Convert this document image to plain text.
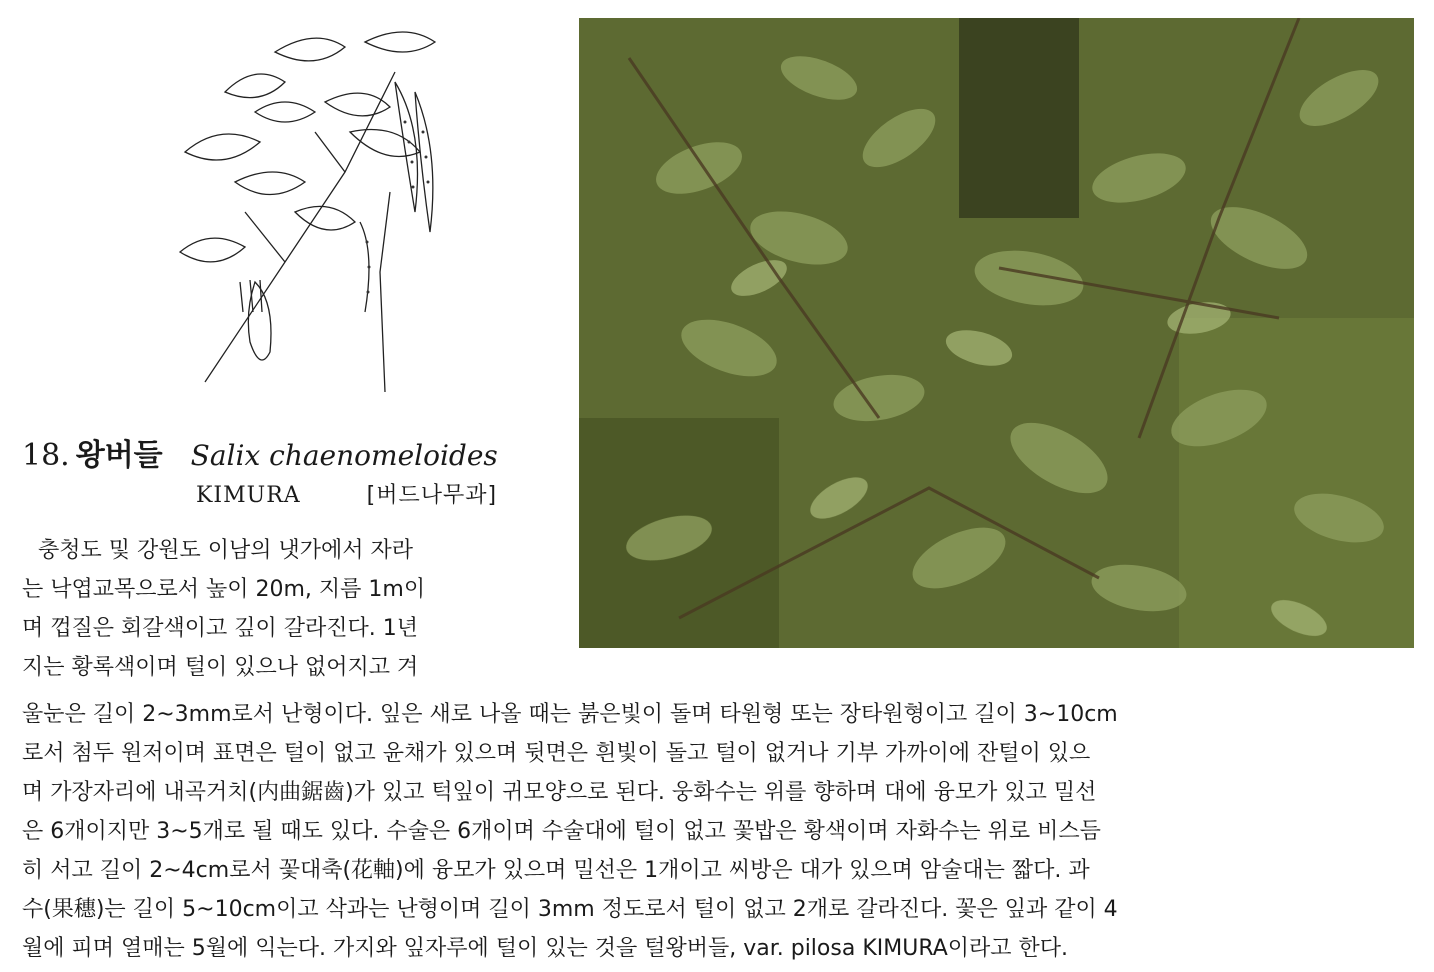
18. 왕버들 Salix chaenomeloides
KIMURA	[버드나무과]
충청도 및 강원도 이남의 냇가에서 자라
는 낙엽교목으로서 높이 20m, 지름 1m이
며 껍질은 회갈색이고 깊이 갈라진다. 1년
지는 황록색이며 털이 있으나 없어지고 겨
울눈은 길이 2~3mm로서 난형이다. 잎은 새로 나올 때는 붉은빛이 돌며 타원형 또는 장타원형이고 길이 3~10cm
로서 첨두 원저이며 표면은 털이 없고 윤채가 있으며 뒷면은 흰빛이 돌고 털이 없거나 기부 가까이에 잔털이 있으
며 가장자리에 내곡거치(内曲鋸齒)가 있고 턱잎이 귀모양으로 된다. 웅화수는 위를 향하며 대에 융모가 있고 밀선
은 6개이지만 3~5개로 될 때도 있다. 수술은 6개이며 수술대에 털이 없고 꽃밥은 황색이며 자화수는 위로 비스듬
히 서고 길이 2~4cm로서 꽃대축(花軸)에 융모가 있으며 밀선은 1개이고 씨방은 대가 있으며 암술대는 짧다. 과
수(果穗)는 길이 5~10cm이고 삭과는 난형이며 길이 3mm 정도로서 털이 없고 2개로 갈라진다. 꽃은 잎과 같이 4
월에 피며 열매는 5월에 익는다. 가지와 잎자루에 털이 있는 것을 털왕버들, var. pilosa KIMURA이라고 한다.
